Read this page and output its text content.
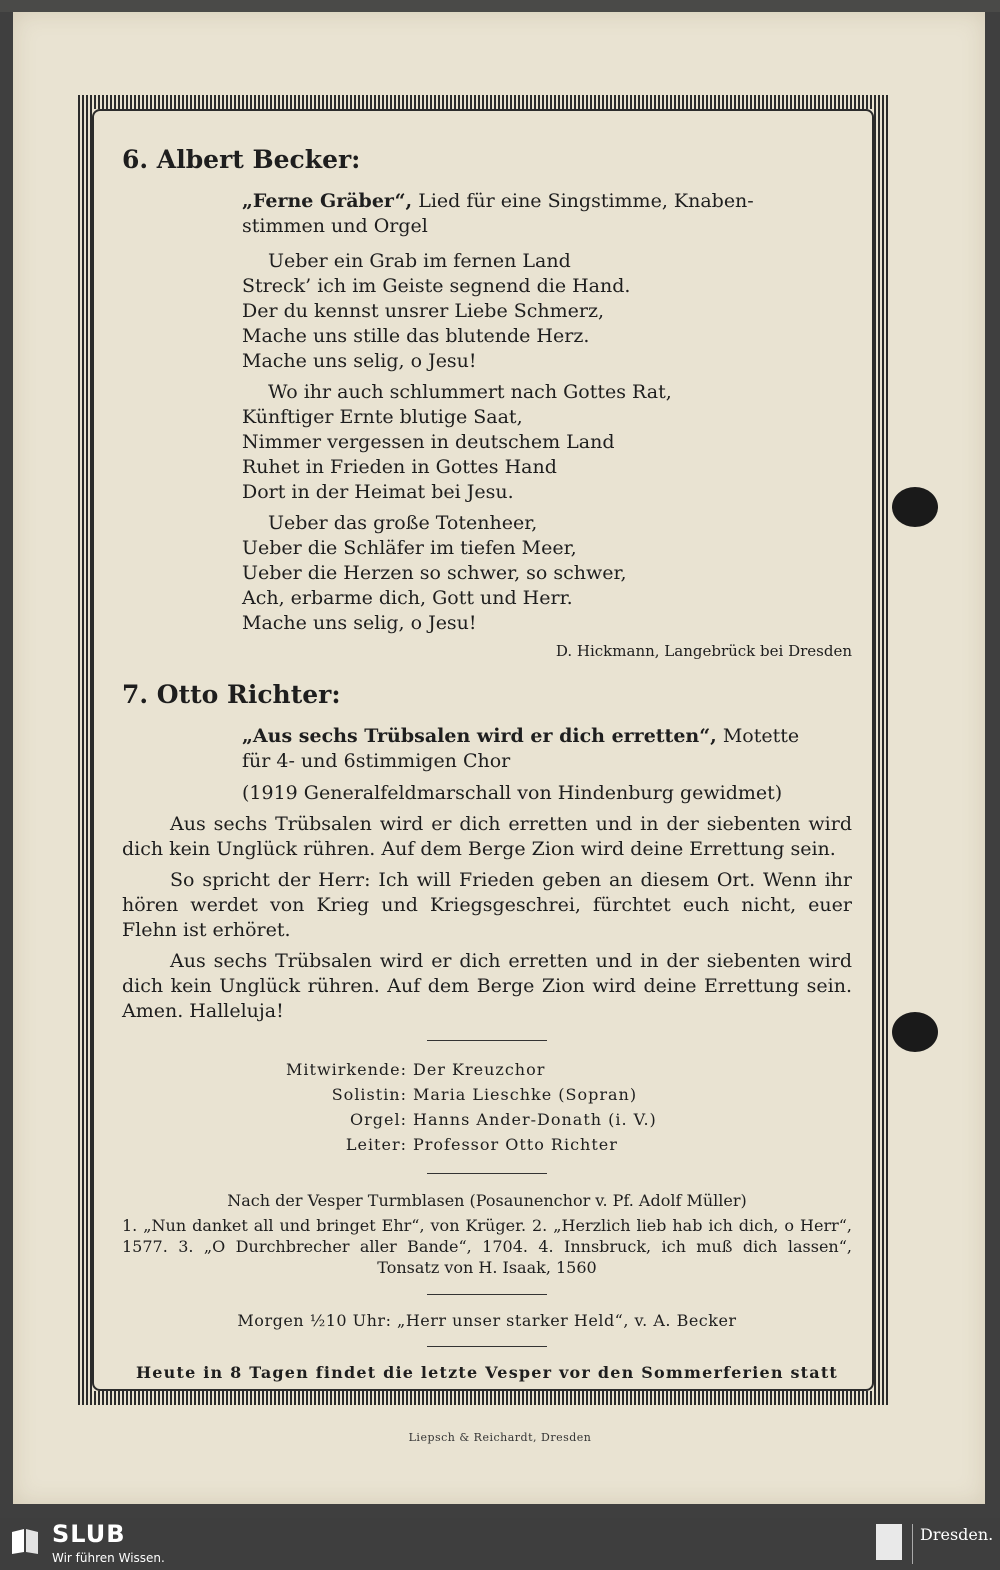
6. Albert Becker:
„Ferne Gräber“, Lied für eine Singstimme, Knaben-
stimmen und Orgel
Ueber ein Grab im fernen Land
Streck’ ich im Geiste segnend die Hand.
Der du kennst unsrer Liebe Schmerz,
Mache uns stille das blutende Herz.
Mache uns selig, o Jesu!
Wo ihr auch schlummert nach Gottes Rat,
Künftiger Ernte blutige Saat,
Nimmer vergessen in deutschem Land
Ruhet in Frieden in Gottes Hand
Dort in der Heimat bei Jesu.
Ueber das große Totenheer,
Ueber die Schläfer im tiefen Meer,
Ueber die Herzen so schwer, so schwer,
Ach, erbarme dich, Gott und Herr.
Mache uns selig, o Jesu!
D. Hickmann, Langebrück bei Dresden
7. Otto Richter:
„Aus sechs Trübsalen wird er dich erretten“, Motette
für 4- und 6stimmigen Chor
(1919 Generalfeldmarschall von Hindenburg gewidmet)
Aus sechs Trübsalen wird er dich erretten und in der siebenten wird dich kein Unglück rühren. Auf dem Berge Zion wird deine Errettung sein.
So spricht der Herr: Ich will Frieden geben an diesem Ort. Wenn ihr hören werdet von Krieg und Kriegsgeschrei, fürchtet euch nicht, euer Flehn ist erhöret.
Aus sechs Trübsalen wird er dich erretten und in der siebenten wird dich kein Unglück rühren. Auf dem Berge Zion wird deine Errettung sein. Amen. Halleluja!
Mitwirkende: Der Kreuzchor
Solistin: Maria Lieschke (Sopran)
Orgel: Hanns Ander-Donath (i. V.)
Leiter: Professor Otto Richter
Nach der Vesper Turmblasen (Posaunenchor v. Pf. Adolf Müller)
1. „Nun danket all und bringet Ehr“, von Krüger. 2. „Herzlich lieb hab ich dich, o Herr“, 1577. 3. „O Durchbrecher aller Bande“, 1704. 4. Innsbruck, ich muß dich lassen“, Tonsatz von H. Isaak, 1560
Morgen ½10 Uhr: „Herr unser starker Held“, v. A. Becker
Heute in 8 Tagen findet die letzte Vesper vor den Sommerferien statt
Liepsch & Reichardt, Dresden
SLUB
Wir führen Wissen.
Dresden.
